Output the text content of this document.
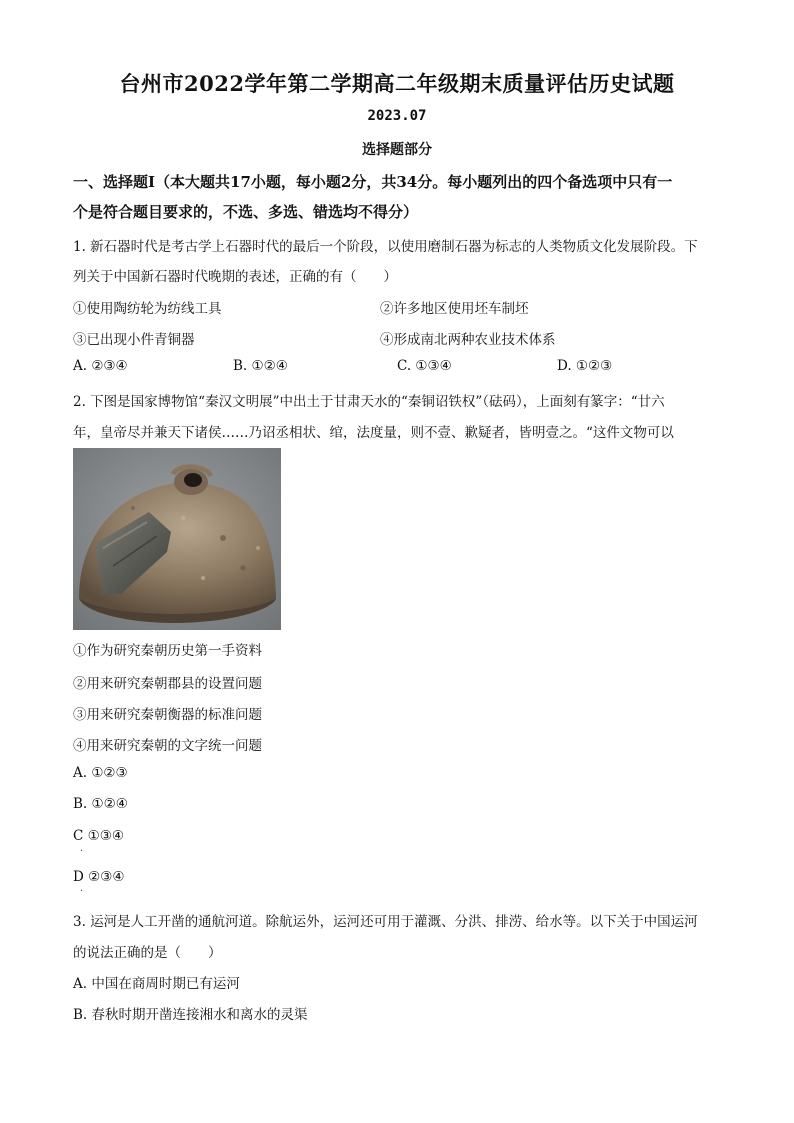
台州市2022学年第二学期高二年级期末质量评估历史试题
2023.07
选择题部分
一、选择题Ⅰ（本大题共17小题，每小题2分，共34分。每小题列出的四个备选项中只有一
个是符合题目要求的，不选、多选、错选均不得分）
1. 新石器时代是考古学上石器时代的最后一个阶段，以使用磨制石器为标志的人类物质文化发展阶段。下
列关于中国新石器时代晚期的表述，正确的有（　　）
①使用陶纺轮为纺线工具	②许多地区使用坯车制坯
③已出现小件青铜器	④形成南北两种农业技术体系
A. ②③④	B. ①②④	C. ①③④	D. ①②③
2. 下图是国家博物馆“秦汉文明展”中出土于甘肃天水的“秦铜诏铁权”（砝码），上面刻有篆字：“廿六
年，皇帝尽并兼天下诸侯……乃诏丞相状、绾，法度量，则不壹、歉疑者，皆明壹之。“这件文物可以
①作为研究秦朝历史第一手资料
②用来研究秦朝郡县的设置问题
③用来研究秦朝衡器的标准问题
④用来研究秦朝的文字统一问题
A. ①②③
B. ①②④
C ①③④
·
D ②③④
·
3. 运河是人工开凿的通航河道。除航运外，运河还可用于灌溉、分洪、排涝、给水等。以下关于中国运河
的说法正确的是（　　）
A. 中国在商周时期已有运河
B. 春秋时期开凿连接湘水和离水的灵渠
